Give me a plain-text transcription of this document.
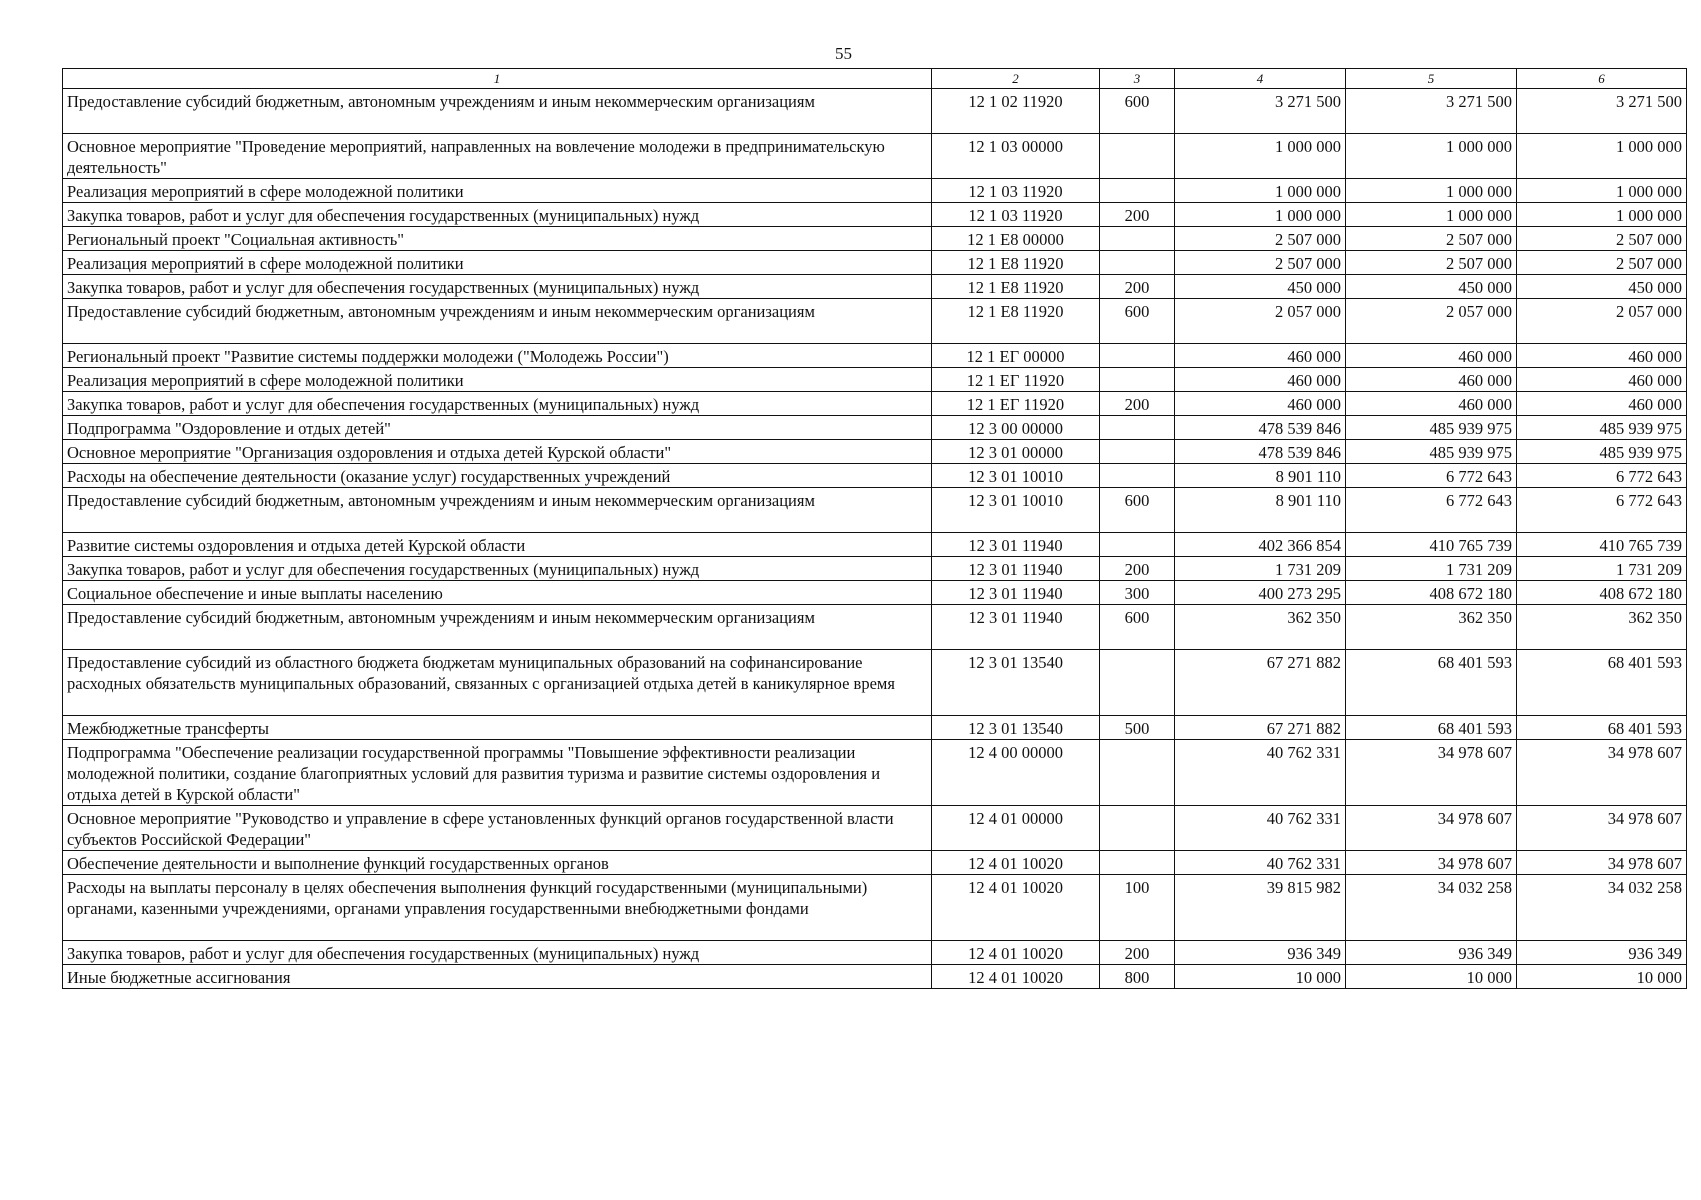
55
1	2	3	4	5	6
Предоставление субсидий бюджетным, автономным учреждениям и иным некоммерческим организациям	12 1 02 11920	600	3 271 500	3 271 500	3 271 500
Основное мероприятие "Проведение мероприятий, направленных на вовлечение молодежи в предпринимательскую деятельность"	12 1 03 00000		1 000 000	1 000 000	1 000 000
Реализация мероприятий в сфере молодежной политики	12 1 03 11920		1 000 000	1 000 000	1 000 000
Закупка товаров, работ и услуг для обеспечения государственных (муниципальных) нужд	12 1 03 11920	200	1 000 000	1 000 000	1 000 000
Региональный проект "Социальная активность"	12 1 Е8 00000		2 507 000	2 507 000	2 507 000
Реализация мероприятий в сфере молодежной политики	12 1 Е8 11920		2 507 000	2 507 000	2 507 000
Закупка товаров, работ и услуг для обеспечения государственных (муниципальных) нужд	12 1 Е8 11920	200	450 000	450 000	450 000
Предоставление субсидий бюджетным, автономным учреждениям и иным некоммерческим организациям	12 1 Е8 11920	600	2 057 000	2 057 000	2 057 000
Региональный проект "Развитие системы поддержки молодежи ("Молодежь России")	12 1 ЕГ 00000		460 000	460 000	460 000
Реализация мероприятий в сфере молодежной политики	12 1 ЕГ 11920		460 000	460 000	460 000
Закупка товаров, работ и услуг для обеспечения государственных (муниципальных) нужд	12 1 ЕГ 11920	200	460 000	460 000	460 000
Подпрограмма "Оздоровление и отдых детей"	12 3 00 00000		478 539 846	485 939 975	485 939 975
Основное мероприятие "Организация оздоровления и отдыха детей Курской области"	12 3 01 00000		478 539 846	485 939 975	485 939 975
Расходы на обеспечение деятельности (оказание услуг) государственных учреждений	12 3 01 10010		8 901 110	6 772 643	6 772 643
Предоставление субсидий бюджетным, автономным учреждениям и иным некоммерческим организациям	12 3 01 10010	600	8 901 110	6 772 643	6 772 643
Развитие системы оздоровления и отдыха детей Курской области	12 3 01 11940		402 366 854	410 765 739	410 765 739
Закупка товаров, работ и услуг для обеспечения государственных (муниципальных) нужд	12 3 01 11940	200	1 731 209	1 731 209	1 731 209
Социальное обеспечение и иные выплаты населению	12 3 01 11940	300	400 273 295	408 672 180	408 672 180
Предоставление субсидий бюджетным, автономным учреждениям и иным некоммерческим организациям	12 3 01 11940	600	362 350	362 350	362 350
Предоставление субсидий из областного бюджета бюджетам муниципальных образований на софинансирование расходных обязательств муниципальных образований, связанных с организацией отдыха детей в каникулярное время	12 3 01 13540		67 271 882	68 401 593	68 401 593
Межбюджетные трансферты	12 3 01 13540	500	67 271 882	68 401 593	68 401 593
Подпрограмма "Обеспечение реализации государственной программы "Повышение эффективности реализации молодежной политики, создание благоприятных условий для развития туризма и развитие системы оздоровления и отдыха детей в Курской области"	12 4 00 00000		40 762 331	34 978 607	34 978 607
Основное мероприятие "Руководство и управление в сфере установленных функций органов государственной власти субъектов Российской Федерации"	12 4 01 00000		40 762 331	34 978 607	34 978 607
Обеспечение деятельности и выполнение функций государственных органов	12 4 01 10020		40 762 331	34 978 607	34 978 607
Расходы на выплаты персоналу в целях обеспечения выполнения функций государственными (муниципальными) органами, казенными учреждениями, органами управления государственными внебюджетными фондами	12 4 01 10020	100	39 815 982	34 032 258	34 032 258
Закупка товаров, работ и услуг для обеспечения государственных (муниципальных) нужд	12 4 01 10020	200	936 349	936 349	936 349
Иные бюджетные ассигнования	12 4 01 10020	800	10 000	10 000	10 000
